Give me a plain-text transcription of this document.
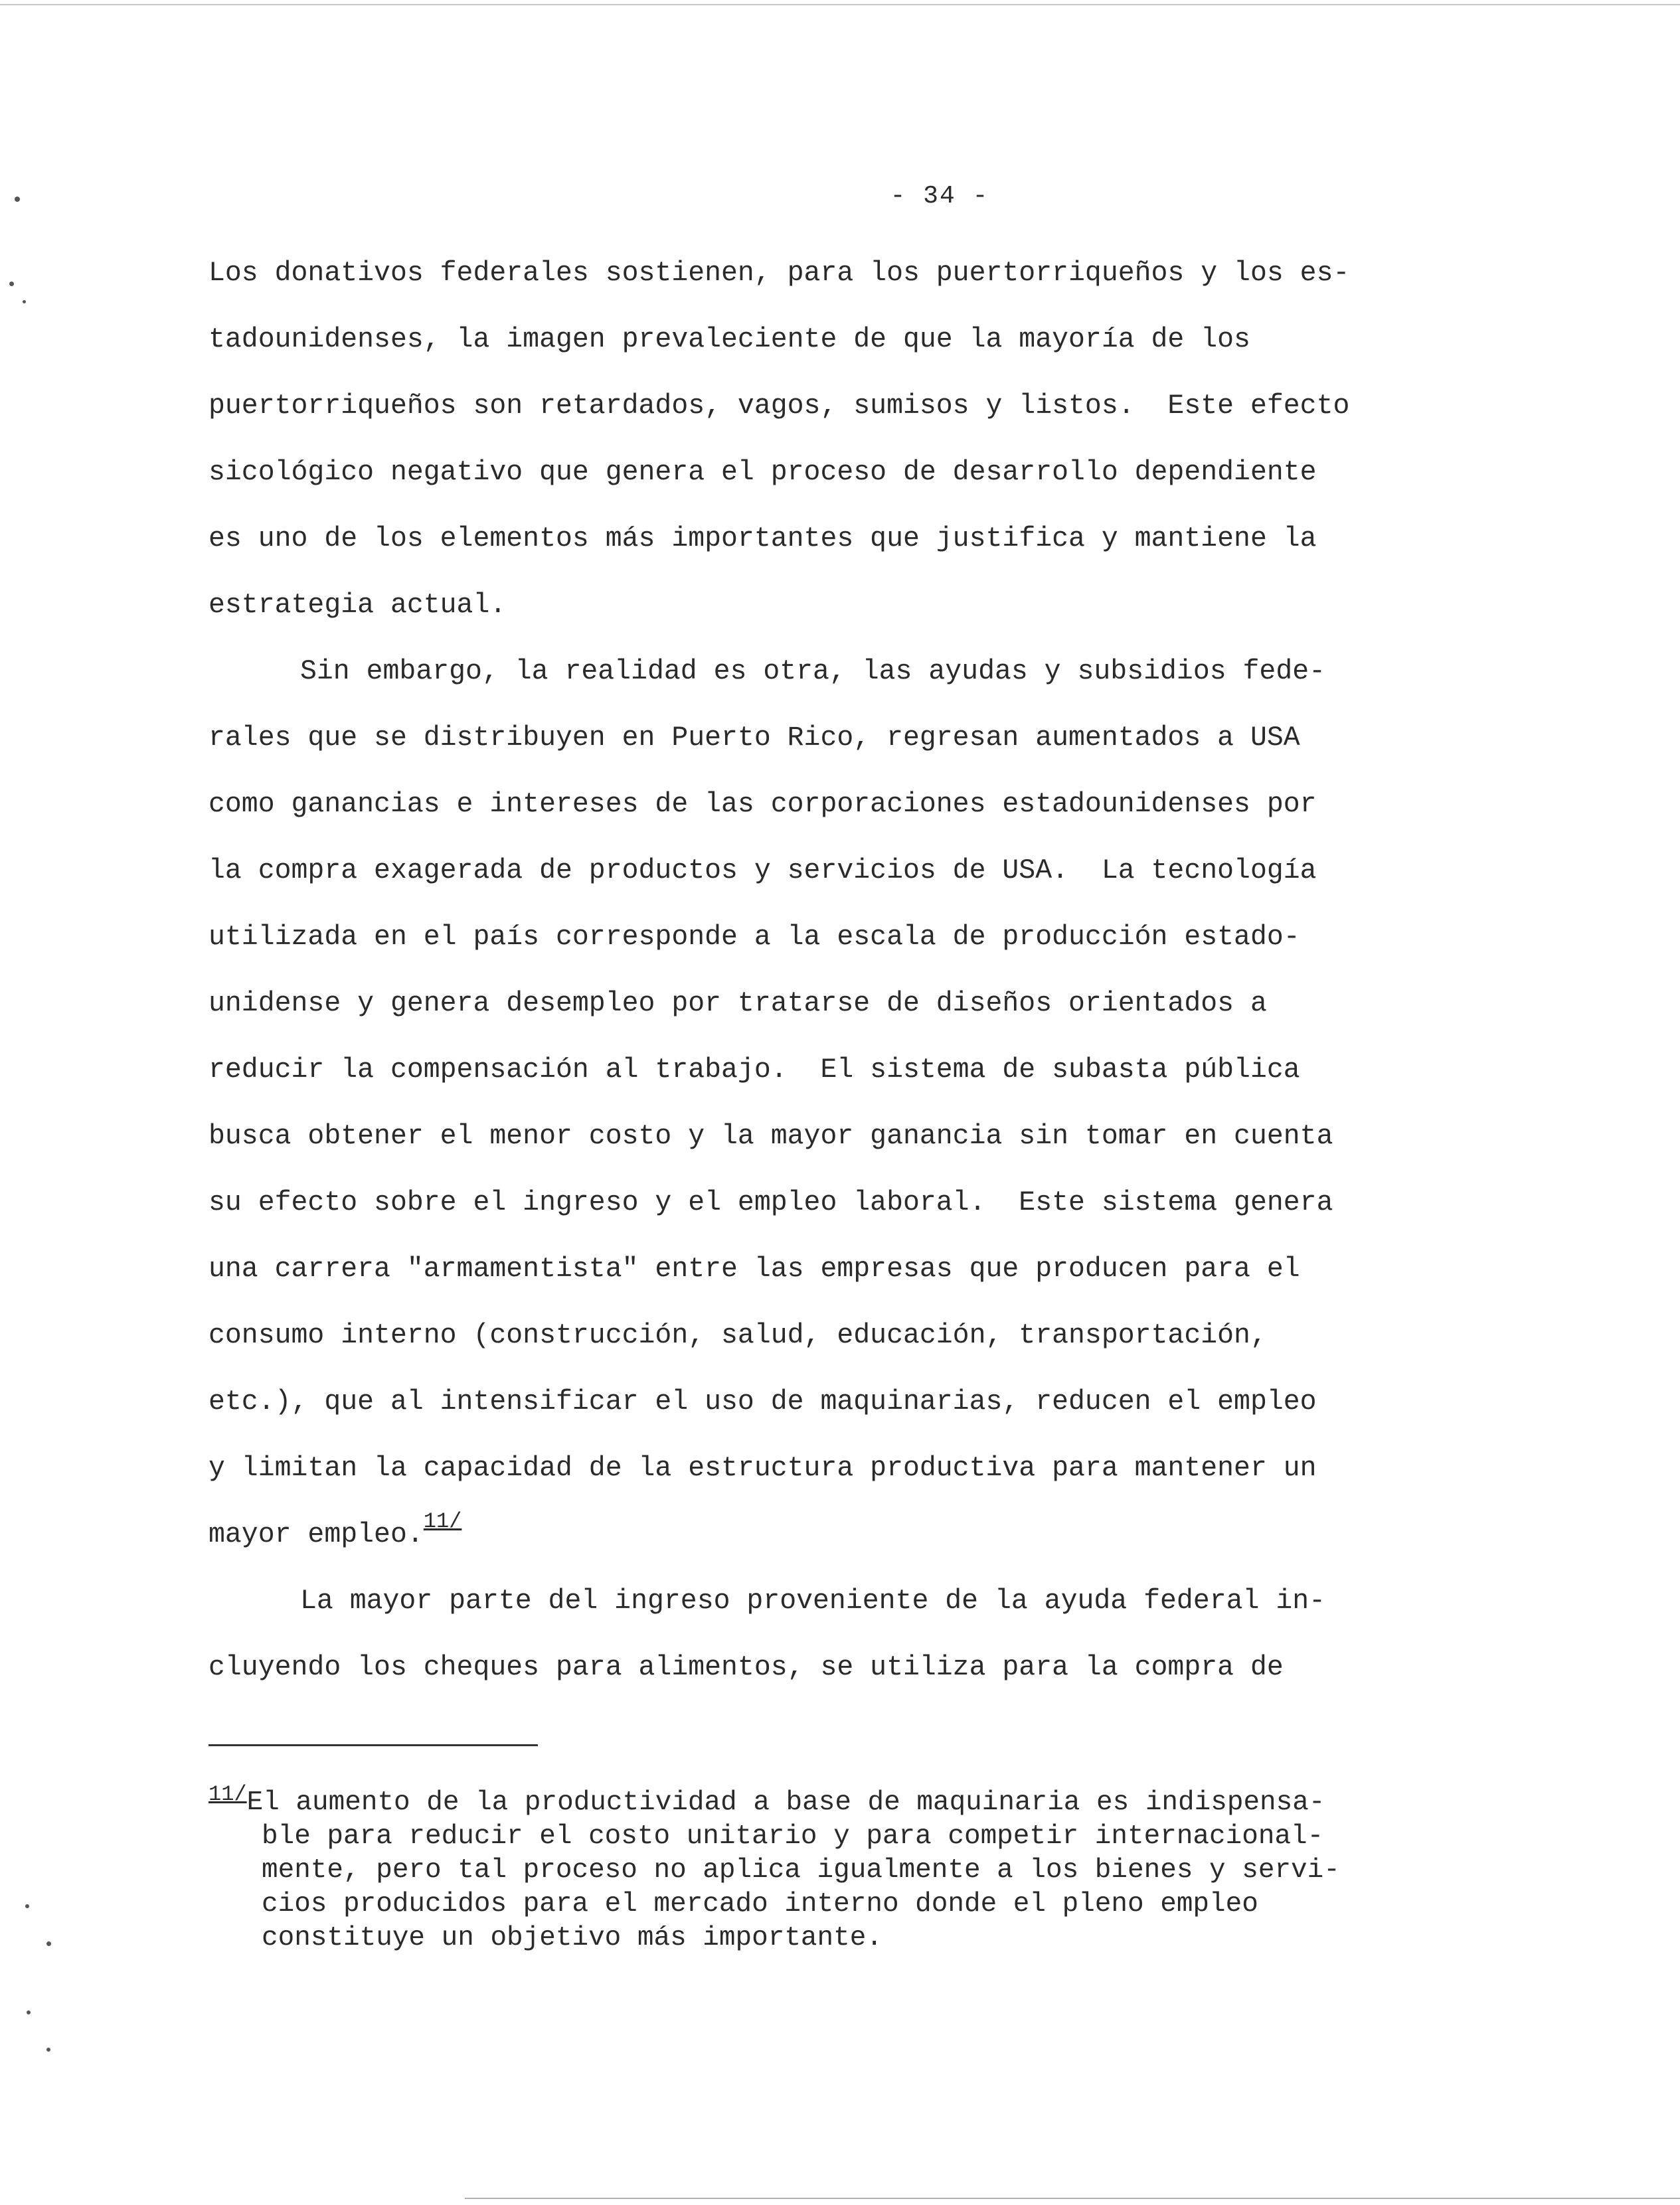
- 34 -
Los donativos federales sostienen, para los puertorriqueños y los es-
tadounidenses, la imagen prevaleciente de que la mayoría de los
puertorriqueños son retardados, vagos, sumisos y listos.  Este efecto
sicológico negativo que genera el proceso de desarrollo dependiente
es uno de los elementos más importantes que justifica y mantiene la
estrategia actual.
Sin embargo, la realidad es otra, las ayudas y subsidios fede-
rales que se distribuyen en Puerto Rico, regresan aumentados a USA
como ganancias e intereses de las corporaciones estadounidenses por
la compra exagerada de productos y servicios de USA.  La tecnología
utilizada en el país corresponde a la escala de producción estado-
unidense y genera desempleo por tratarse de diseños orientados a
reducir la compensación al trabajo.  El sistema de subasta pública
busca obtener el menor costo y la mayor ganancia sin tomar en cuenta
su efecto sobre el ingreso y el empleo laboral.  Este sistema genera
una carrera "armamentista" entre las empresas que producen para el
consumo interno (construcción, salud, educación, transportación,
etc.), que al intensificar el uso de maquinarias, reducen el empleo
y limitan la capacidad de la estructura productiva para mantener un
mayor empleo.$^{11/}$
La mayor parte del ingreso proveniente de la ayuda federal in-
cluyendo los cheques para alimentos, se utiliza para la compra de
$^{11/}$El aumento de la productividad a base de maquinaria es indispensa-
ble para reducir el costo unitario y para competir internacional-
mente, pero tal proceso no aplica igualmente a los bienes y servi-
cios producidos para el mercado interno donde el pleno empleo
constituye un objetivo más importante.
